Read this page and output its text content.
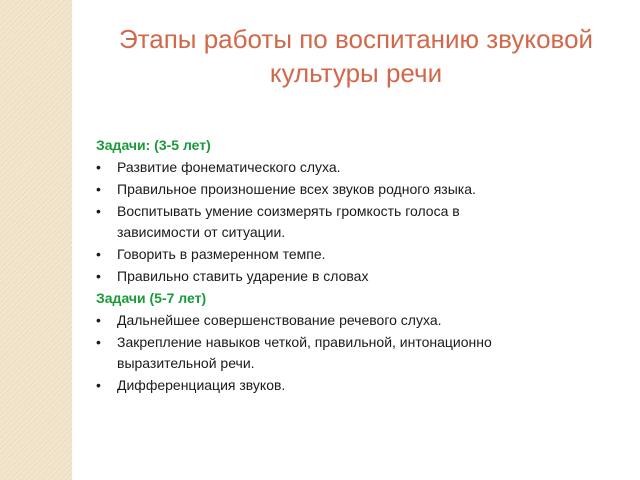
Этапы работы по воспитанию звуковой
культуры речи
Задачи: (3-5 лет)
• Развитие фонематического слуха.
• Правильное произношение всех звуков родного языка.
• Воспитывать умение соизмерять громкость голоса в зависимости от ситуации.
• Говорить в размеренном темпе.
• Правильно ставить ударение в словах
Задачи (5-7 лет)
• Дальнейшее совершенствование речевого слуха.
• Закрепление навыков четкой, правильной, интонационно выразительной речи.
• Дифференциация звуков.
